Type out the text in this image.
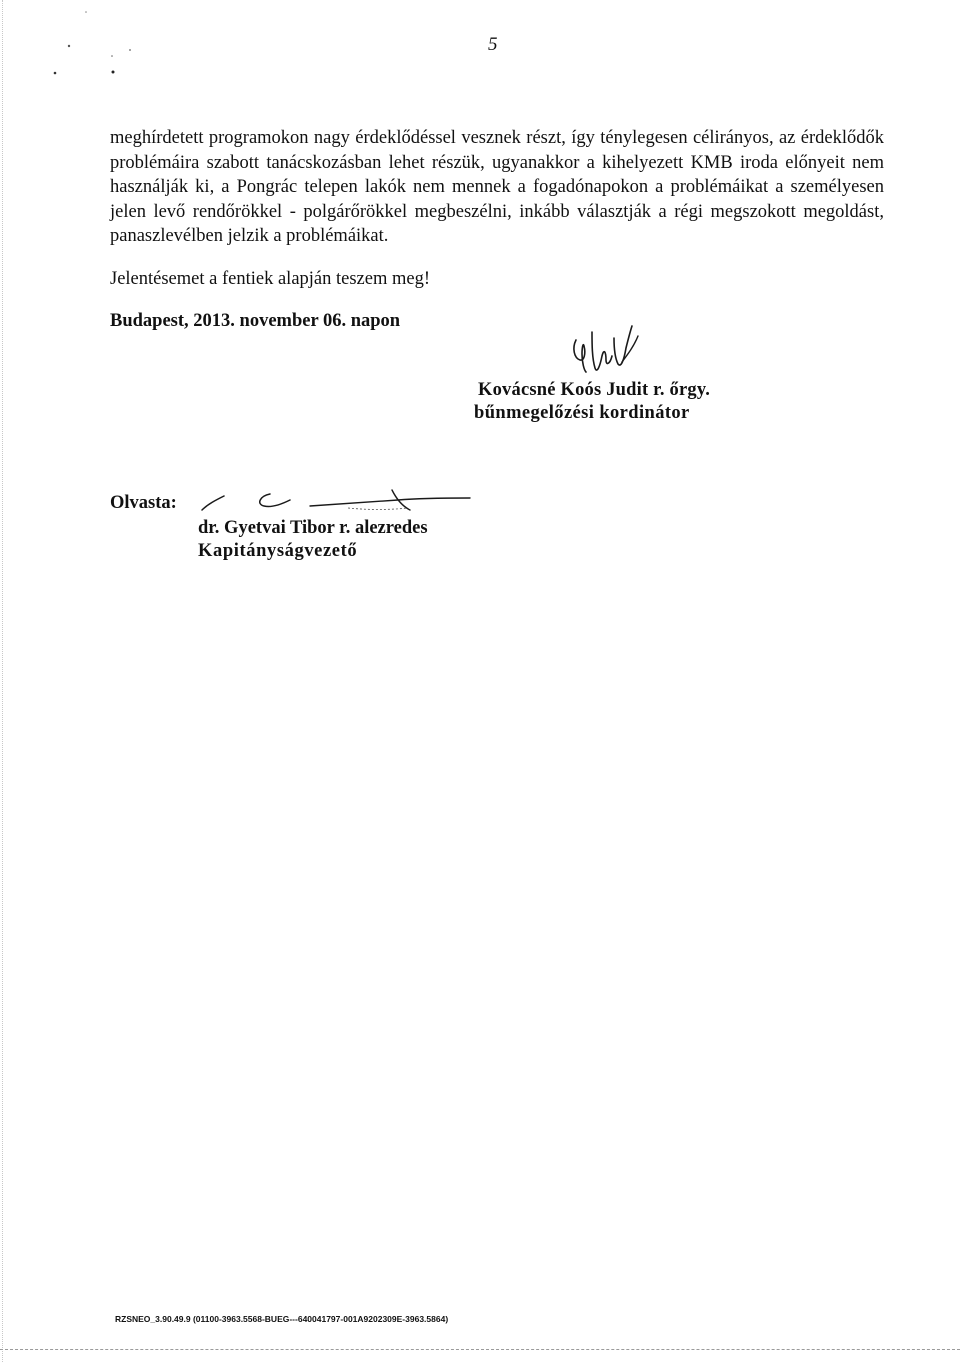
5

meghírdetett programokon nagy érdeklődéssel vesznek részt, így ténylegesen célirányos, az érdeklődők problémáira szabott tanácskozásban lehet részük, ugyanakkor a kihelyezett KMB iroda előnyeit nem használják ki, a Pongrác telepen lakók nem mennek a fogadónapokon a problémáikat a személyesen jelen levő rendőrökkel - polgárőrökkel megbeszélni, inkább választják a régi megszokott megoldást, panaszlevélben jelzik a problémáikat.

Jelentésemet a fentiek alapján teszem meg!

Budapest, 2013. november 06. napon

Kovácsné Koós Judit r. őrgy.

bűnmegelőzési kordinátor

Olvasta:

dr. Gyetvai Tibor r. alezredes

Kapitányságvezető

RZSNEO_3.90.49.9 (01100-3963.5568-BUEG---640041797-001A9202309E-3963.5864)
